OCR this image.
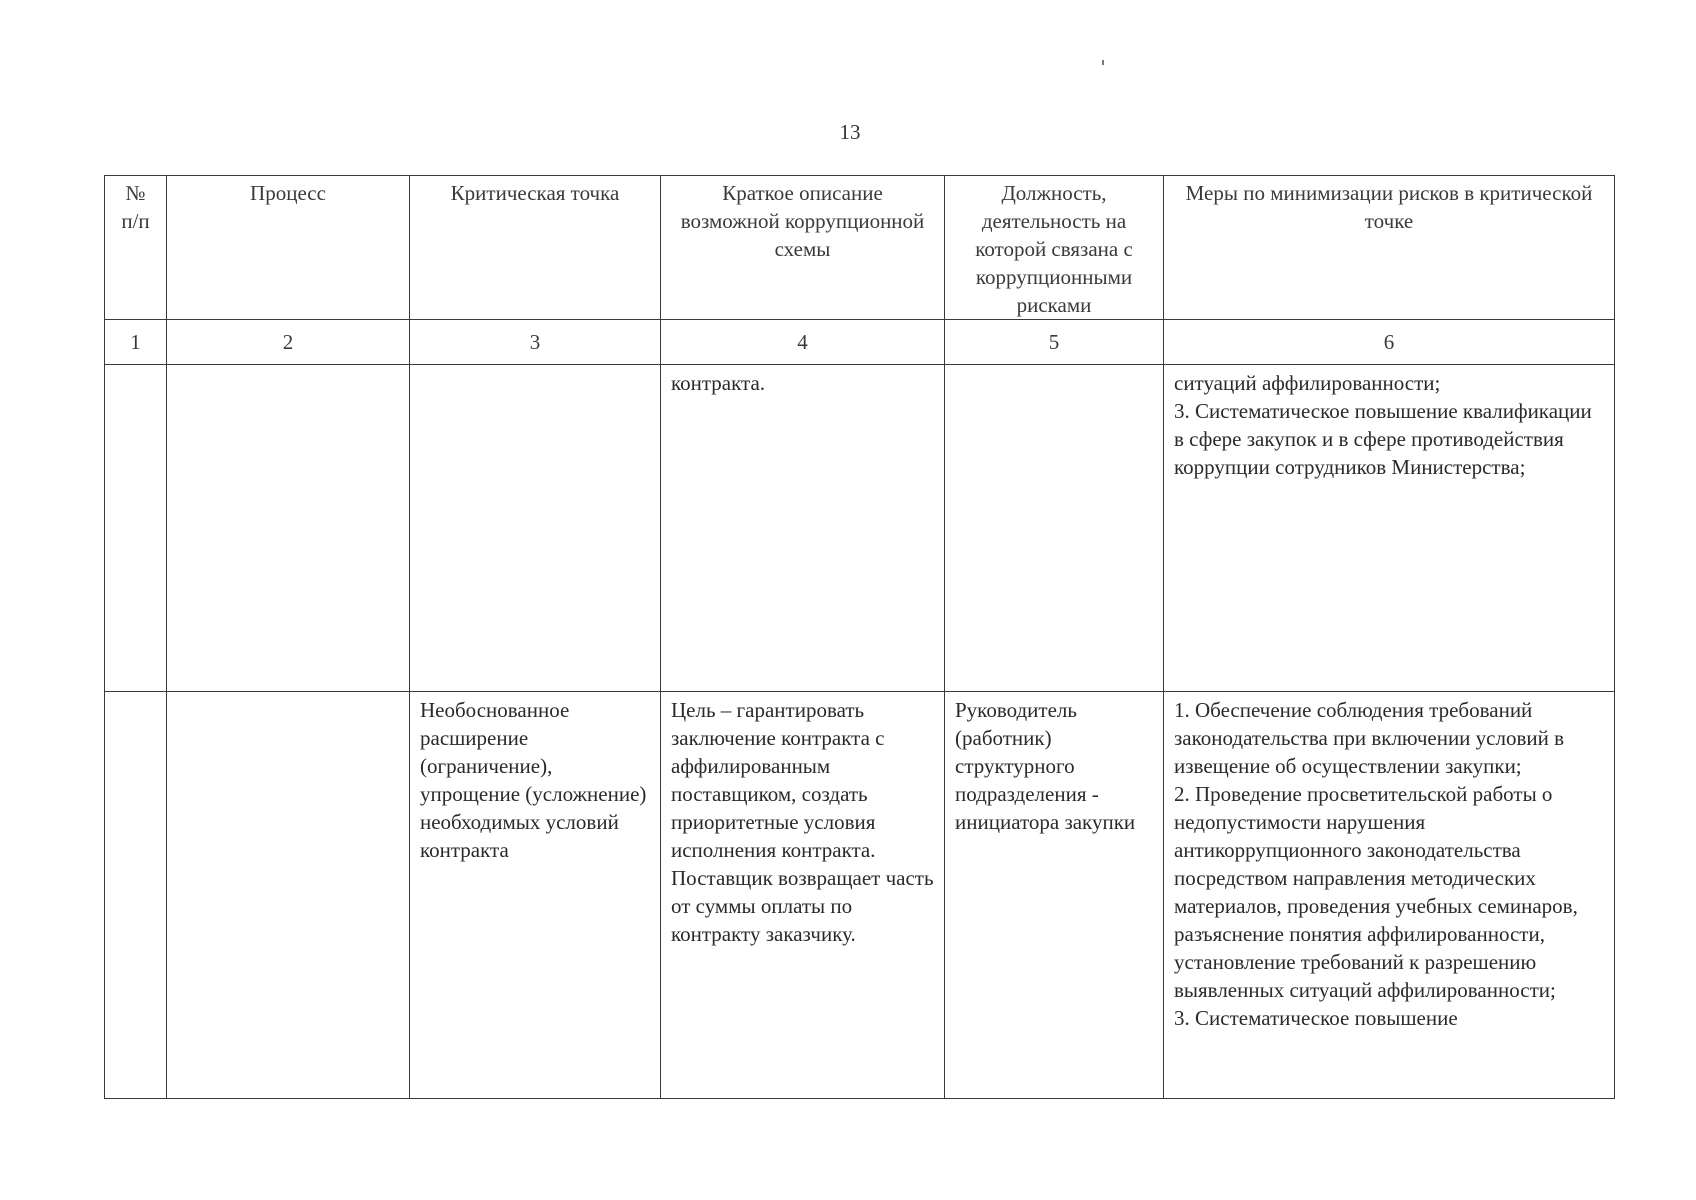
13
№ п/п	Процесс	Критическая точка	Краткое описание возможной коррупционной схемы	Должность, деятельность на которой связана с коррупционными рисками	Меры по минимизации рисков в критической точке
1	2	3	4	5	6
			контракта.		ситуаций аффилированности;
3. Систематическое повышение квалификации в сфере закупок и в сфере противодействия коррупции сотрудников Министерства;
		Необоснованное расширение (ограничение), упрощение (усложнение) необходимых условий контракта	Цель – гарантировать заключение контракта с аффилированным поставщиком, создать приоритетные условия исполнения контракта. Поставщик возвращает часть от суммы оплаты по контракту заказчику.	Руководитель (работник) структурного подразделения - инициатора закупки	1. Обеспечение соблюдения требований законодательства при включении условий в извещение об осуществлении закупки;
2. Проведение просветительской работы о недопустимости нарушения антикоррупционного законодательства посредством направления методических материалов, проведения учебных семинаров, разъяснение понятия аффилированности, установление требований к разрешению выявленных ситуаций аффилированности;
3. Систематическое повышение
